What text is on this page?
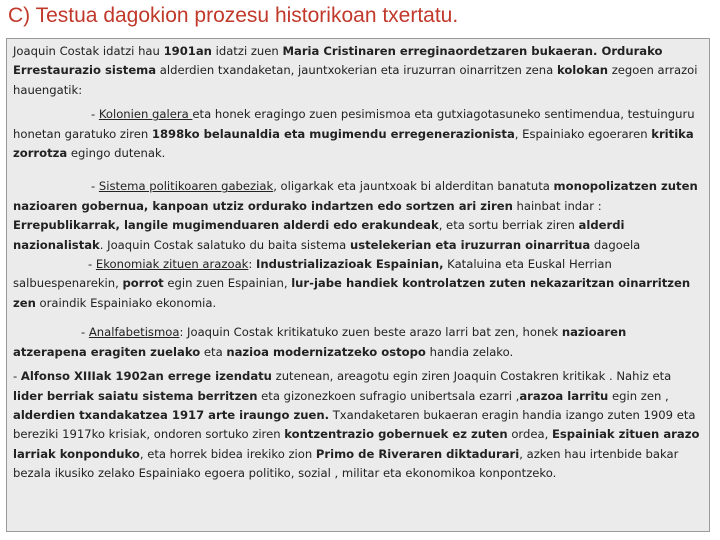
C) Testua dagokion prozesu historikoan txertatu.

Joaquin Costak idatzi hau 1901an idatzi zuen Maria Cristinaren erreginaordetzaren bukaeran. Ordurako Errestaurazio sistema alderdien txandaketan, jauntxokerian eta iruzurran oinarritzen zena kolokan zegoen arrazoi hauengatik:

- Kolonien galera eta honek eragingo zuen pesimismoa eta gutxiagotasuneko sentimendua, testuinguru honetan garatuko ziren 1898ko belaunaldia eta mugimendu erregenerazionista, Espainiako egoeraren kritika zorrotza egingo dutenak.

- Sistema politikoaren gabeziak, oligarkak eta jauntxoak bi alderditan banatuta monopolizatzen zuten nazioaren gobernua, kanpoan utziz ordurako indartzen edo sortzen ari ziren hainbat indar : Errepublikarrak, langile mugimenduaren alderdi edo erakundeak, eta sortu berriak ziren alderdi nazionalistak. Joaquin Costak salatuko du baita sistema ustelekerian eta iruzurran oinarritua dagoela

- Ekonomiak zituen arazoak: Industrializazioak Espainian, Kataluina eta Euskal Herrian salbuespenarekin, porrot egin zuen Espainian, lur-jabe handiek kontrolatzen zuten nekazaritzan oinarritzen zen oraindik Espainiako ekonomia.

- Analfabetismoa: Joaquin Costak kritikatuko zuen beste arazo larri bat zen, honek nazioaren atzerapena eragiten zuelako eta nazioa modernizatzeko ostopo handia zelako.

- Alfonso XIIIak 1902an errege izendatu zutenean, areagotu egin ziren Joaquin Costakren kritikak . Nahiz eta lider berriak saiatu sistema berritzen eta gizonezkoen sufragio unibertsala ezarri ,arazoa larritu egin zen , alderdien txandakatzea 1917 arte iraungo zuen. Txandaketaren bukaeran eragin handia izango zuten 1909 eta bereziki 1917ko krisiak, ondoren sortuko ziren kontzentrazio gobernuek ez zuten ordea, Espainiak zituen arazo larriak konponduko, eta horrek bidea irekiko zion Primo de Riveraren diktadurari, azken hau irtenbide bakar bezala ikusiko zelako Espainiako egoera politiko, sozial , militar eta ekonomikoa konpontzeko.
